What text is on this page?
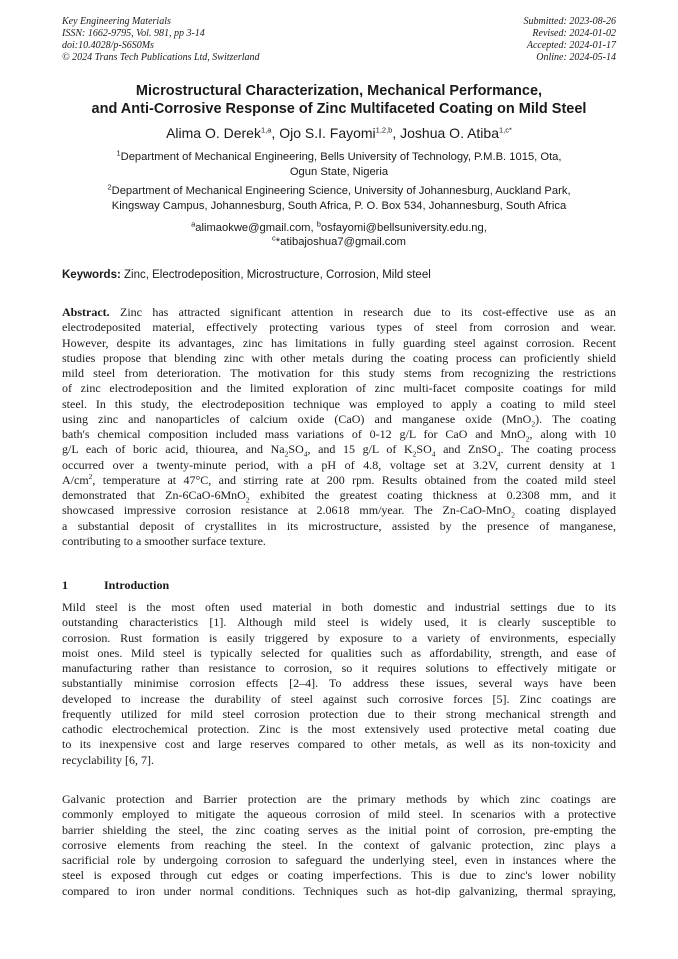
Key Engineering Materials
ISSN: 1662-9795, Vol. 981, pp 3-14
doi:10.4028/p-S6S0Ms
© 2024 Trans Tech Publications Ltd, Switzerland
Submitted: 2023-08-26
Revised: 2024-01-02
Accepted: 2024-01-17
Online: 2024-05-14
Microstructural Characterization, Mechanical Performance,
and Anti-Corrosive Response of Zinc Multifaceted Coating on Mild Steel
Alima O. Derek$^{1,a}$, Ojo S.I. Fayomi$^{1,2,b}$, Joshua O. Atiba$^{1,c*}$
$^1$Department of Mechanical Engineering, Bells University of Technology, P.M.B. 1015, Ota,
Ogun State, Nigeria
$^2$Department of Mechanical Engineering Science, University of Johannesburg, Auckland Park,
Kingsway Campus, Johannesburg, South Africa, P. O. Box 534, Johannesburg, South Africa
$^a$alimaokwe@gmail.com, $^b$osfayomi@bellsuniversity.edu.ng,
$^c$*atibajoshua7@gmail.com
Keywords: Zinc, Electrodeposition, Microstructure, Corrosion, Mild steel
Abstract. Zinc has attracted significant attention in research due to its cost-effective use as an
electrodeposited material, effectively protecting various types of steel from corrosion and wear.
However, despite its advantages, zinc has limitations in fully guarding steel against corrosion. Recent
studies propose that blending zinc with other metals during the coating process can proficiently shield
mild steel from deterioration. The motivation for this study stems from recognizing the restrictions
of zinc electrodeposition and the limited exploration of zinc multi-facet composite coatings for mild
steel. In this study, the electrodeposition technique was employed to apply a coating to mild steel
using zinc and nanoparticles of calcium oxide (CaO) and manganese oxide (MnO$_2$). The coating
bath's chemical composition included mass variations of 0-12 g/L for CaO and MnO$_2$, along with 10
g/L each of boric acid, thiourea, and $Na_2SO_4$, and 15 g/L of $K_2SO_4$ and ZnSO$_4$. The coating process
occurred over a twenty-minute period, with a pH of 4.8, voltage set at 3.2V, current density at 1
$A/cm^2$, temperature at 47°C, and stirring rate at 200 rpm. Results obtained from the coated mild steel
demonstrated that Zn-6CaO-6MnO$_2$ exhibited the greatest coating thickness at 0.2308 mm, and it
showcased impressive corrosion resistance at 2.0618 mm/year. The Zn-CaO-MnO$_2$ coating displayed
a substantial deposit of crystallites in its microstructure, assisted by the presence of manganese,
contributing to a smoother surface texture.
1	Introduction
Mild steel is the most often used material in both domestic and industrial settings due to its
outstanding characteristics [1]. Although mild steel is widely used, it is clearly susceptible to
corrosion. Rust formation is easily triggered by exposure to a variety of environments, especially
moist ones. Mild steel is typically selected for qualities such as affordability, strength, and ease of
manufacturing rather than resistance to corrosion, so it requires solutions to effectively mitigate or
substantially minimise corrosion effects [2–4]. To address these issues, several ways have been
developed to increase the durability of steel against such corrosive forces [5]. Zinc coatings are
frequently utilized for mild steel corrosion protection due to their strong mechanical strength and
cathodic electrochemical protection. Zinc is the most extensively used protective metal coating due
to its inexpensive cost and large reserves compared to other metals, as well as its non-toxicity and
recyclability [6, 7].
Galvanic protection and Barrier protection are the primary methods by which zinc coatings are
commonly employed to mitigate the aqueous corrosion of mild steel. In scenarios with a protective
barrier shielding the steel, the zinc coating serves as the initial point of corrosion, pre-empting the
corrosive elements from reaching the steel. In the context of galvanic protection, zinc plays a
sacrificial role by undergoing corrosion to safeguard the underlying steel, even in instances where the
steel is exposed through cut edges or coating imperfections. This is due to zinc's lower nobility
compared to iron under normal conditions. Techniques such as hot-dip galvanizing, thermal spraying,
